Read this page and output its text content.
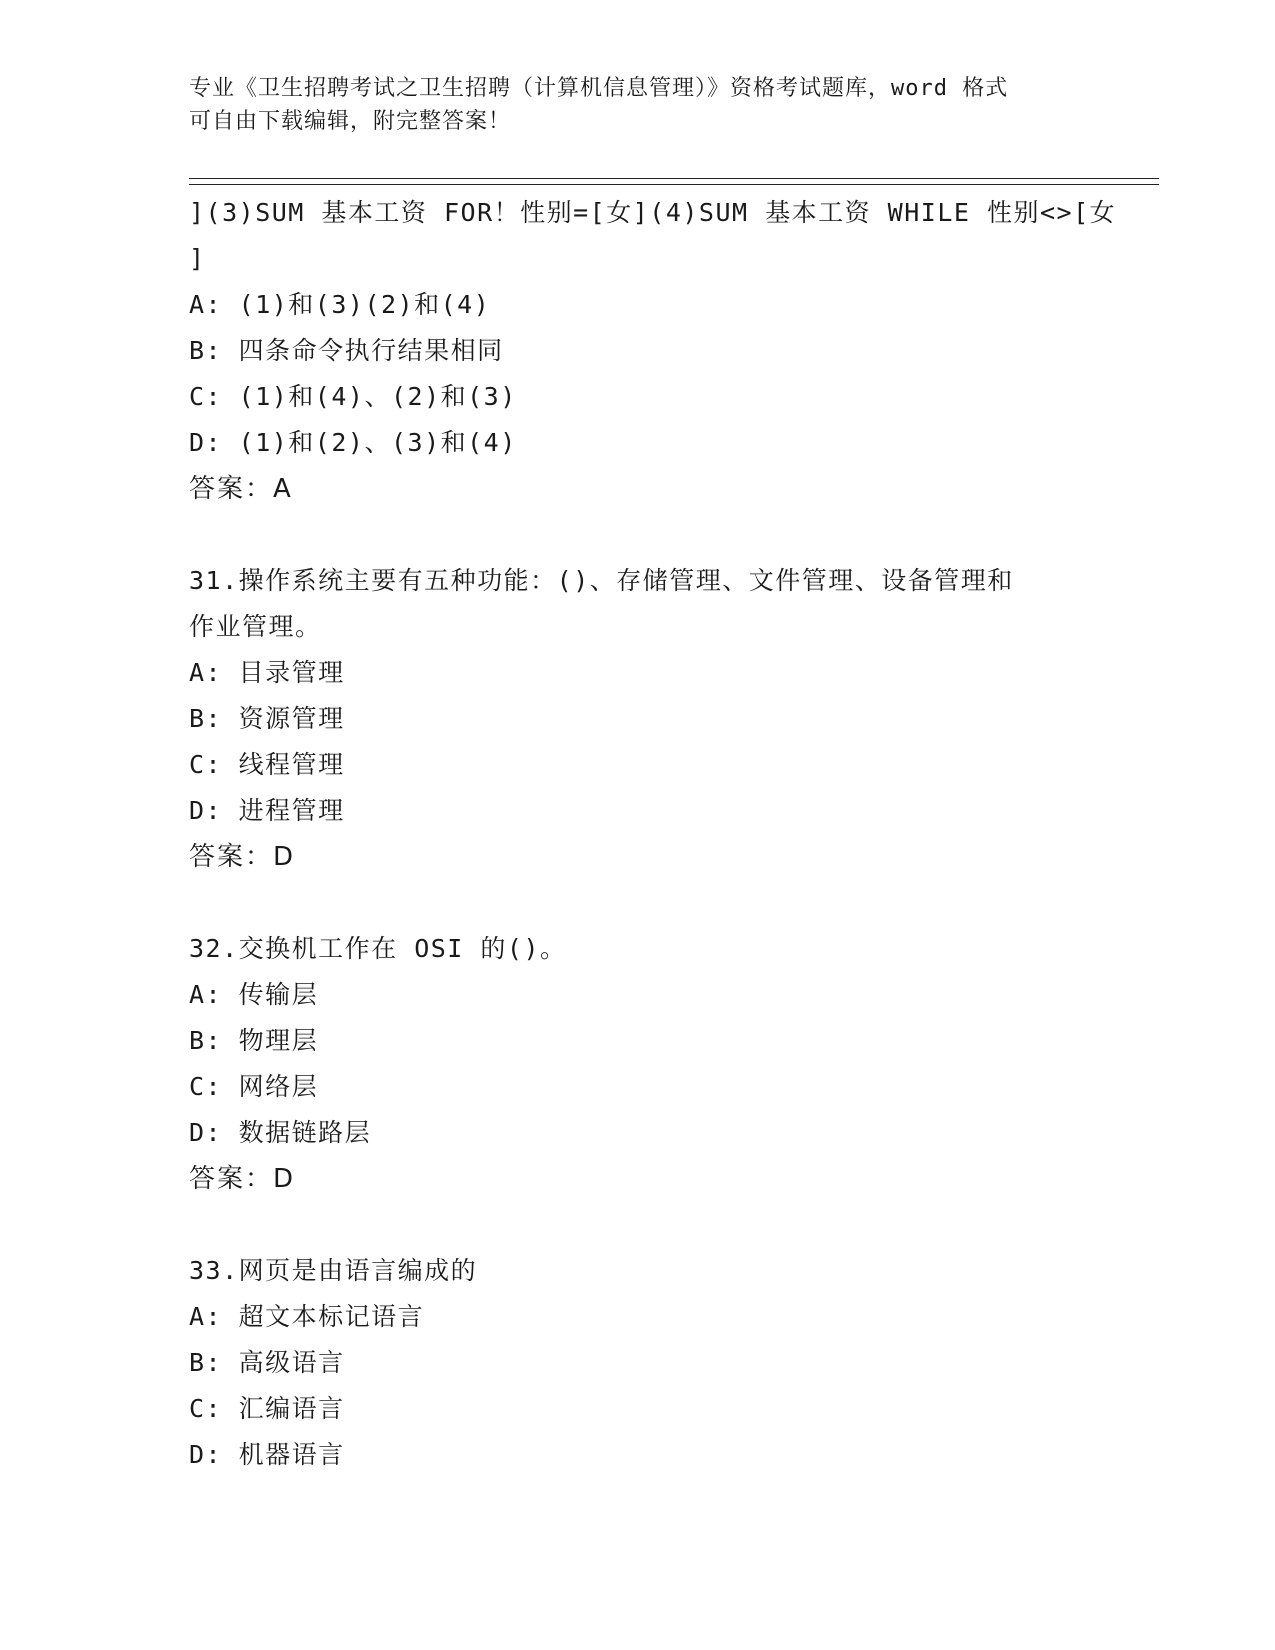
专业《卫生招聘考试之卫生招聘（计算机信息管理）》资格考试题库，word 格式
可自由下载编辑，附完整答案！
](3)SUM 基本工资 FOR！性别=[女](4)SUM 基本工资 WHILE 性别<>[女
]
A: (1)和(3)(2)和(4)
B: 四条命令执行结果相同
C: (1)和(4)、(2)和(3)
D: (1)和(2)、(3)和(4)
答案：A
31.操作系统主要有五种功能：()、存储管理、文件管理、设备管理和
作业管理。
A: 目录管理
B: 资源管理
C: 线程管理
D: 进程管理
答案：D
32.交换机工作在 OSI 的()。
A: 传输层
B: 物理层
C: 网络层
D: 数据链路层
答案：D
33.网页是由语言编成的
A: 超文本标记语言
B: 高级语言
C: 汇编语言
D: 机器语言
